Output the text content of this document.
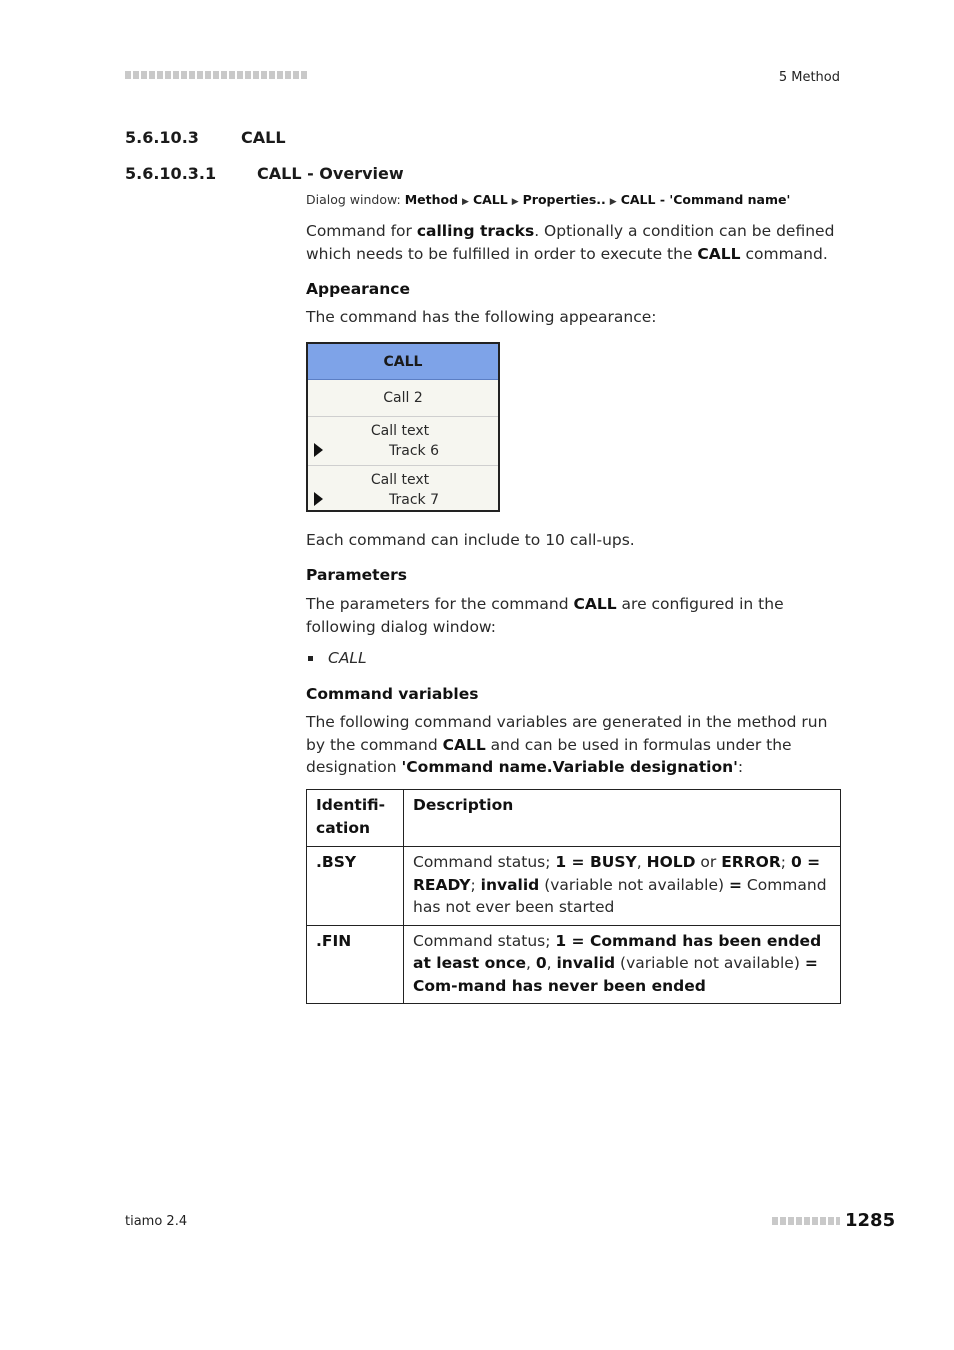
5 Method
5.6.10.3	CALL
5.6.10.3.1	CALL - Overview
Dialog window: Method ▶ CALL ▶ Properties.. ▶ CALL - 'Command name'
Command for calling tracks. Optionally a condition can be defined which needs to be fulfilled in order to execute the CALL command.
Appearance
The command has the following appearance:
CALL
Call 2
Call text
Track 6
Call text
Track 7
Each command can include to 10 call-ups.
Parameters
The parameters for the command CALL are configured in the following dialog window:
CALL
Command variables
The following command variables are generated in the method run by the command CALL and can be used in formulas under the designation 'Command name.Variable designation':
Identifi-
cation	Description
.BSY	Command status; 1 = BUSY, HOLD or ERROR; 0 = READY; invalid (variable not available) = Command has not ever been started
.FIN	Command status; 1 = Command has been ended at least once, 0, invalid (variable not available) = Com-mand has never been ended
tiamo 2.4	1285
